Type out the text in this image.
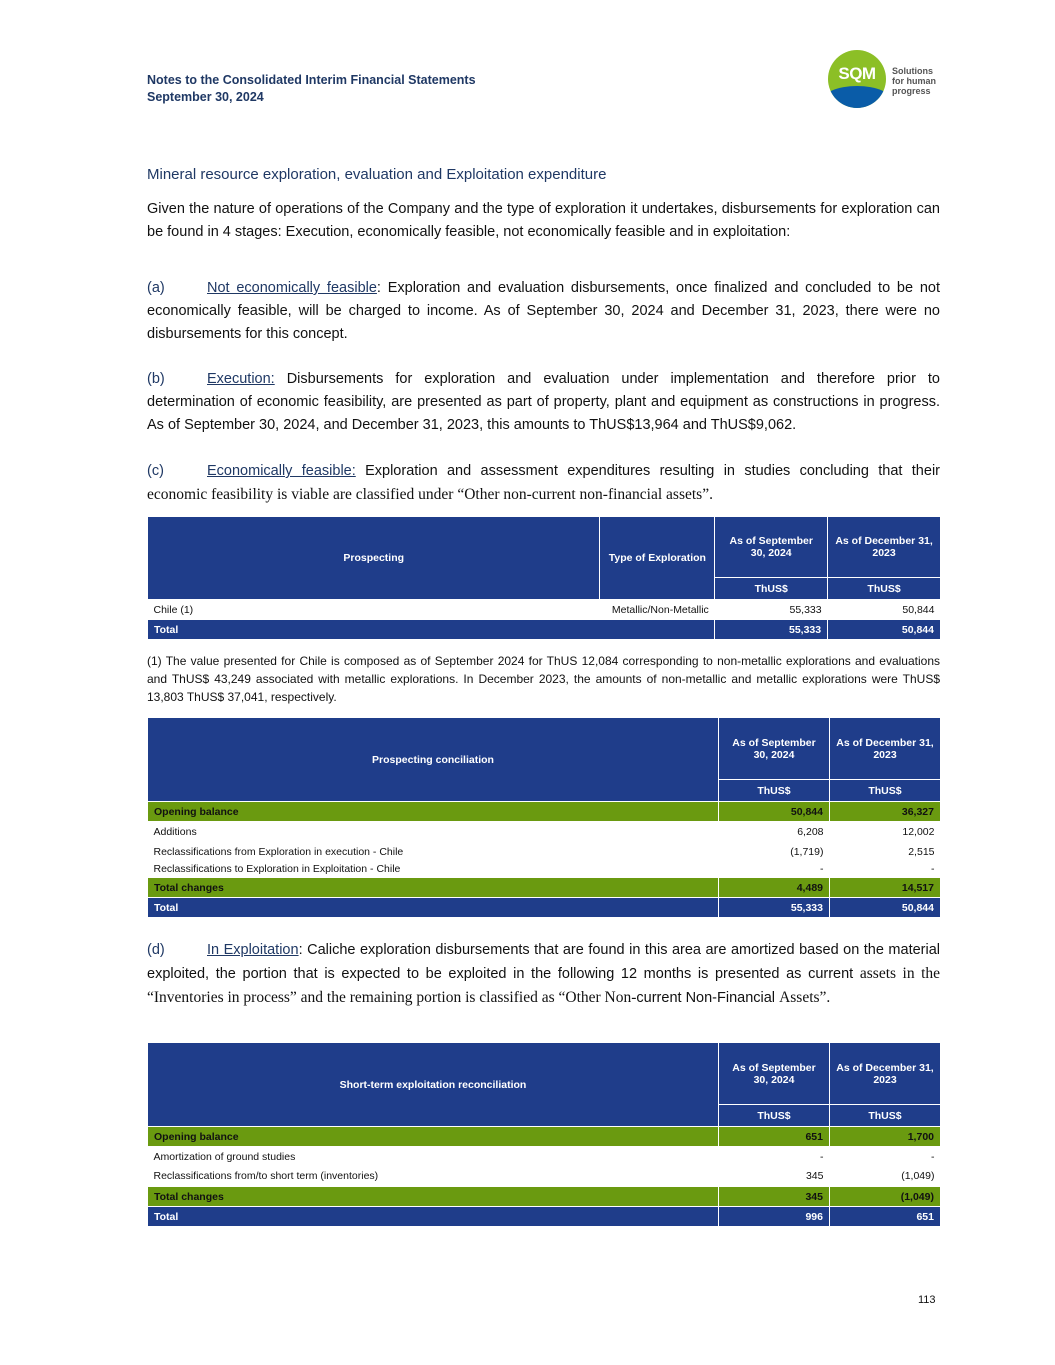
Notes to the Consolidated Interim Financial Statements
September 30, 2024
SQM	Solutions
for human
progress
Mineral resource exploration, evaluation and Exploitation expenditure
Given the nature of operations of the Company and the type of exploration it undertakes, disbursements for exploration can be found in 4 stages: Execution, economically feasible, not economically feasible and in exploitation:
(a)	Not economically feasible: Exploration and evaluation disbursements, once finalized and concluded to be not economically feasible, will be charged to income. As of September 30, 2024 and December 31, 2023, there were no disbursements for this concept.
(b)	Execution: Disbursements for exploration and evaluation under implementation and therefore prior to determination of economic feasibility, are presented as part of property, plant and equipment as constructions in progress. As of September 30, 2024, and December 31, 2023, this amounts to ThUS$13,964 and ThUS$9,062.
(c)	Economically feasible: Exploration and assessment expenditures resulting in studies concluding that their economic feasibility is viable are classified under “Other non-current non-financial assets”.
Prospecting	Type of Exploration	As of September 30, 2024	As of December 31, 2023
		ThUS$	ThUS$
Chile (1)	Metallic/Non-Metallic	55,333	50,844
Total		55,333	50,844
(1) The value presented for Chile is composed as of September 2024 for ThUS 12,084 corresponding to non-metallic explorations and evaluations and ThUS$ 43,249 associated with metallic explorations. In December 2023, the amounts of non-metallic and metallic explorations were ThUS$ 13,803 ThUS$ 37,041, respectively.
Prospecting conciliation	As of September 30, 2024	As of December 31, 2023
	ThUS$	ThUS$
Opening balance	50,844	36,327
Additions	6,208	12,002
Reclassifications from Exploration in execution - Chile	(1,719)	2,515
Reclassifications to Exploration in Exploitation - Chile	-	-
Total changes	4,489	14,517
Total	55,333	50,844
(d)	In Exploitation: Caliche exploration disbursements that are found in this area are amortized based on the material exploited, the portion that is expected to be exploited in the following 12 months is presented as current assets in the “Inventories in process” and the remaining portion is classified as “Other Non-current Non-Financial Assets”.
Short-term exploitation reconciliation	As of September 30, 2024	As of December 31, 2023
	ThUS$	ThUS$
Opening balance	651	1,700
Amortization of ground studies	-	-
Reclassifications from/to short term (inventories)	345	(1,049)
Total changes	345	(1,049)
Total	996	651
113
